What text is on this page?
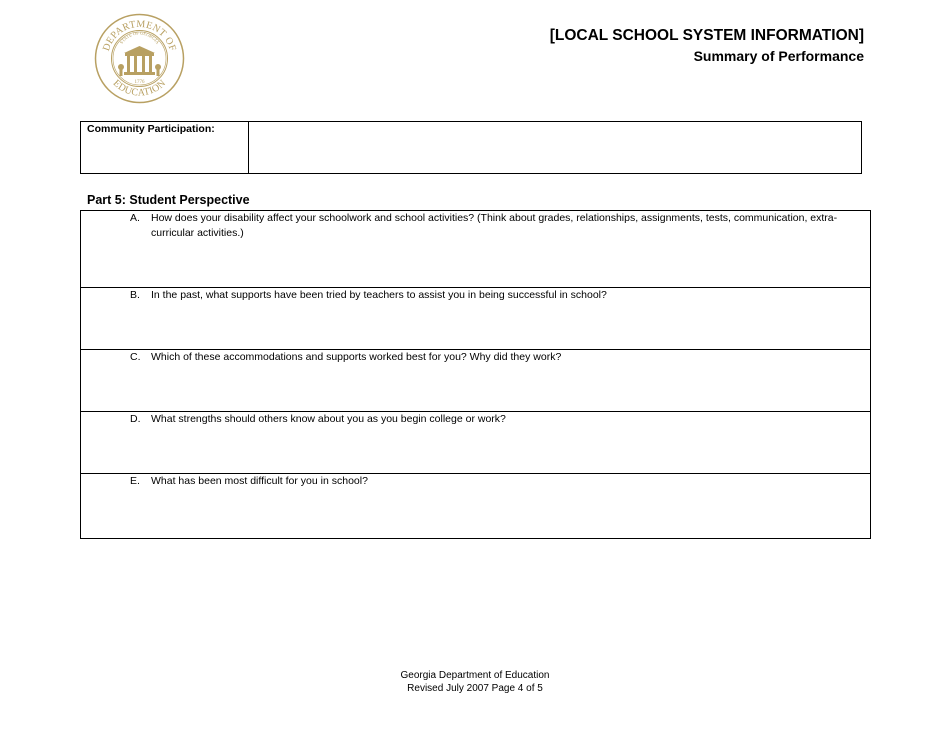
DEPARTMENT OF
EDUCATION
STATE OF GEORGIA
1776
[LOCAL SCHOOL SYSTEM INFORMATION]
Summary of Performance
Community Participation:
Part 5: Student Perspective
A. How does your disability affect your schoolwork and school activities? (Think about grades, relationships, assignments, tests, communication, extra-curricular activities.)
B. In the past, what supports have been tried by teachers to assist you in being successful in school?
C. Which of these accommodations and supports worked best for you? Why did they work?
D. What strengths should others know about you as you begin college or work?
E. What has been most difficult for you in school?
Georgia Department of Education
Revised July 2007 Page 4 of 5
